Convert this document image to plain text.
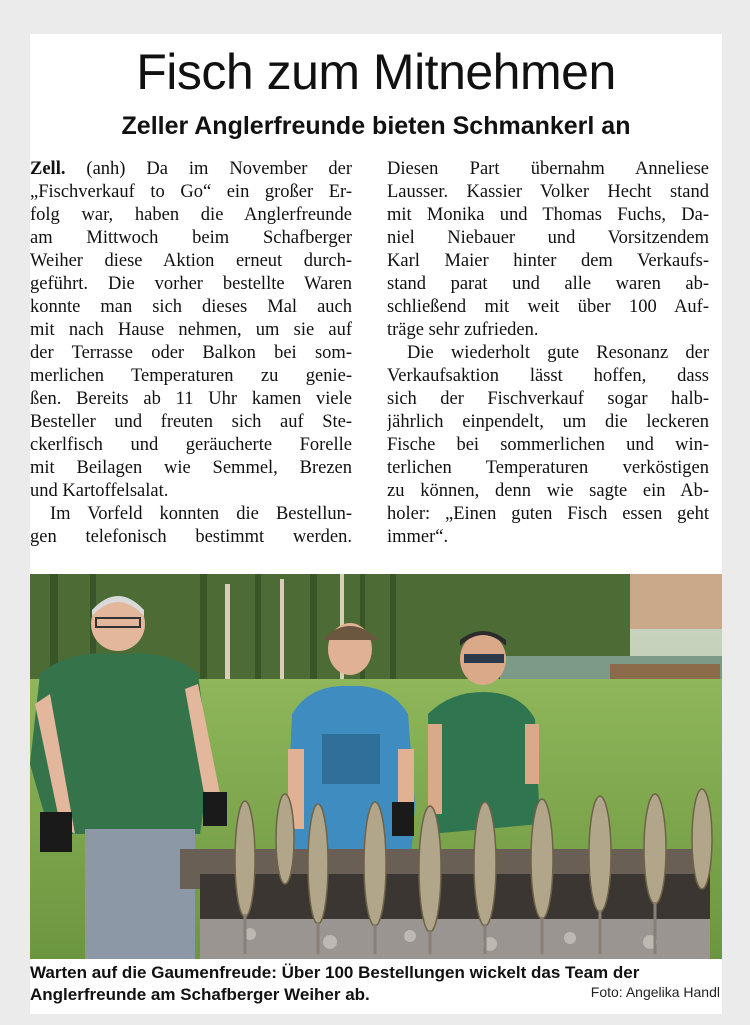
Fisch zum Mitnehmen
Zeller Anglerfreunde bieten Schmankerl an
Zell. (anh) Da im November der
„Fischverkauf to Go“ ein großer Er-
folg war, haben die Anglerfreunde
am Mittwoch beim Schafberger
Weiher diese Aktion erneut durch-
geführt. Die vorher bestellte Waren
konnte man sich dieses Mal auch
mit nach Hause nehmen, um sie auf
der Terrasse oder Balkon bei som-
merlichen Temperaturen zu genie-
ßen. Bereits ab 11 Uhr kamen viele
Besteller und freuten sich auf Ste-
ckerlfisch und geräucherte Forelle
mit Beilagen wie Semmel, Brezen
und Kartoffelsalat.
Im Vorfeld konnten die Bestellun-
gen telefonisch bestimmt werden.
Diesen Part übernahm Anneliese
Lausser. Kassier Volker Hecht stand
mit Monika und Thomas Fuchs, Da-
niel Niebauer und Vorsitzendem
Karl Maier hinter dem Verkaufs-
stand parat und alle waren ab-
schließend mit weit über 100 Auf-
träge sehr zufrieden.
Die wiederholt gute Resonanz der
Verkaufsaktion lässt hoffen, dass
sich der Fischverkauf sogar halb-
jährlich einpendelt, um die leckeren
Fische bei sommerlichen und win-
terlichen Temperaturen verköstigen
zu können, denn wie sagte ein Ab-
holer: „Einen guten Fisch essen geht
immer“.
Warten auf die Gaumenfreude: Über 100 Bestellungen wickelt das Team der
Anglerfreunde am Schafberger Weiher ab.	Foto: Angelika Handl
